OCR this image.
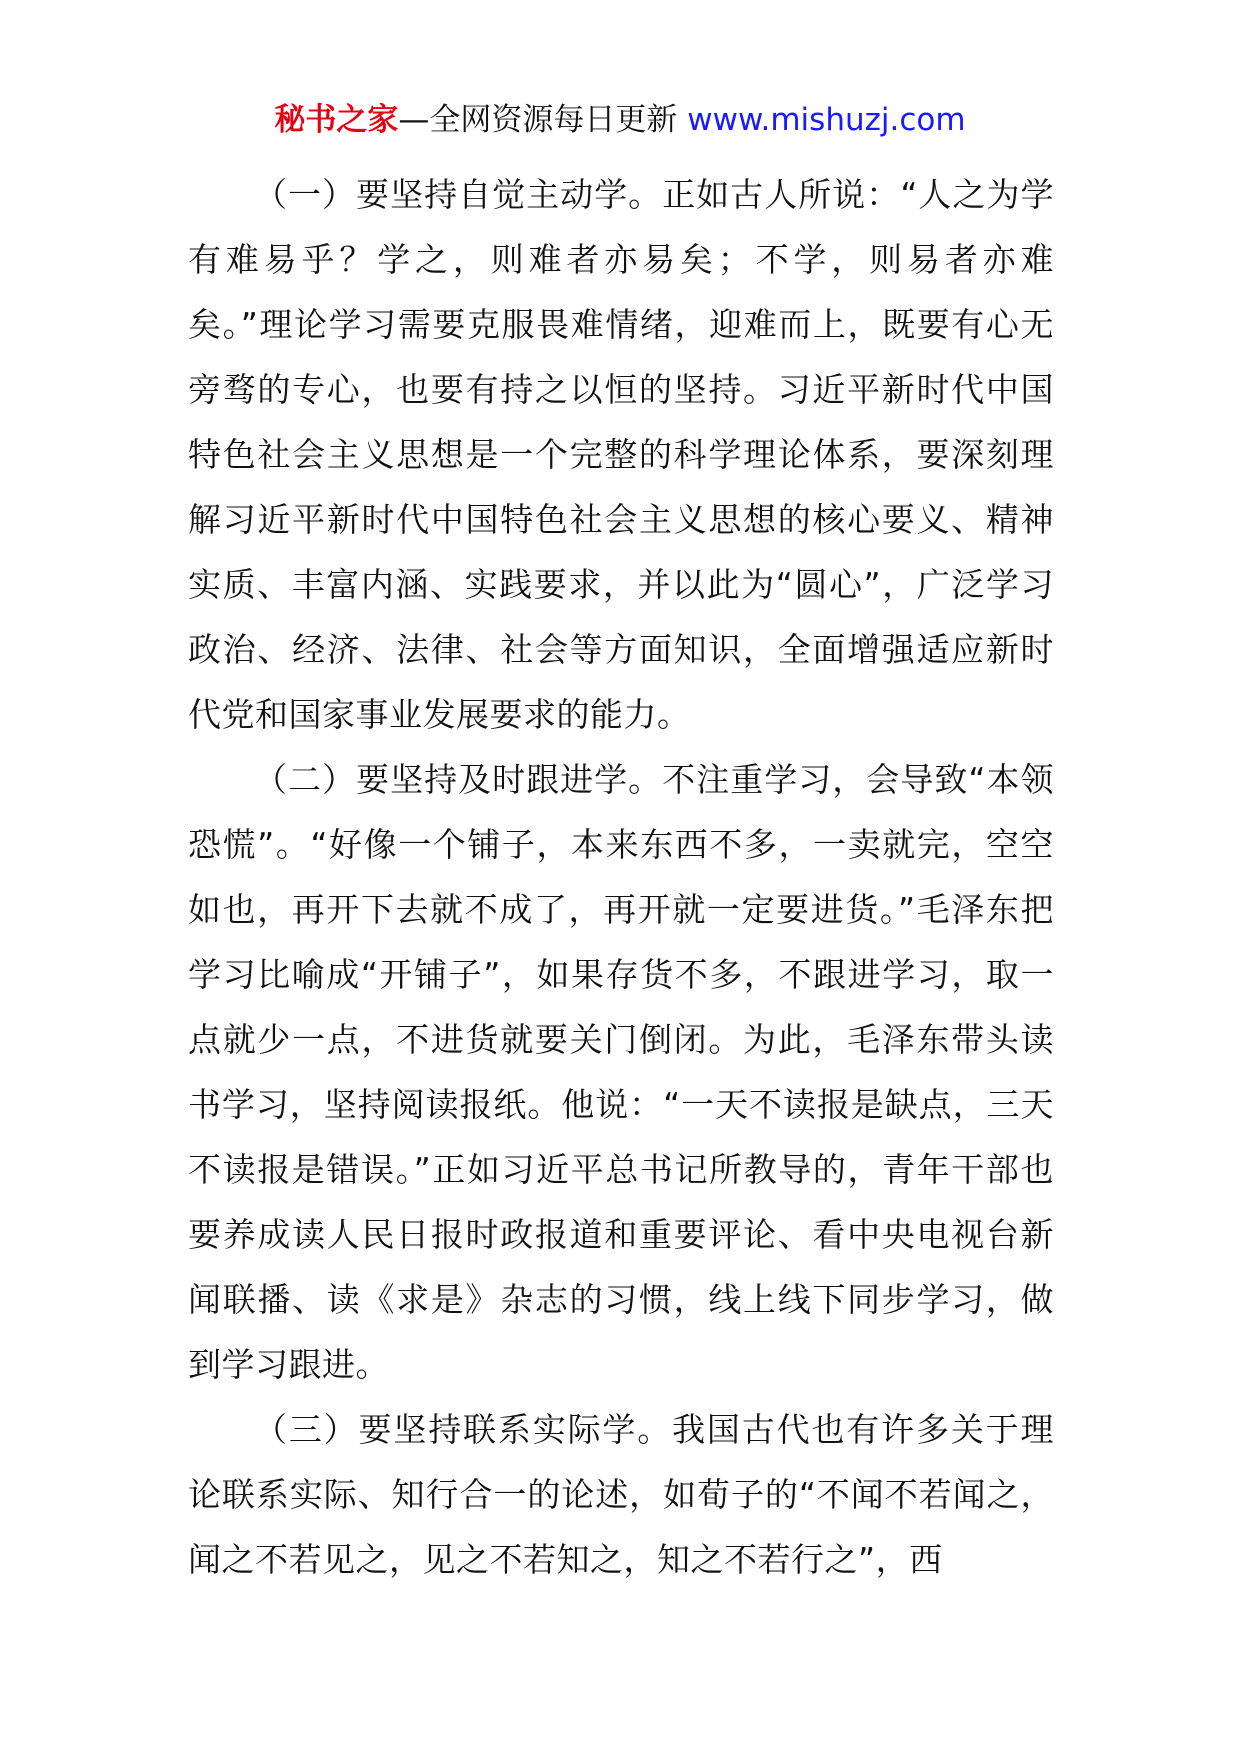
秘书之家—全网资源每日更新 www.mishuzj.com

（一）要坚持自觉主动学。正如古人所说：“人之为学有难易乎？学之，则难者亦易矣；不学，则易者亦难矣。”理论学习需要克服畏难情绪，迎难而上，既要有心无旁骛的专心，也要有持之以恒的坚持。习近平新时代中国特色社会主义思想是一个完整的科学理论体系，要深刻理解习近平新时代中国特色社会主义思想的核心要义、精神实质、丰富内涵、实践要求，并以此为“圆心”，广泛学习政治、经济、法律、社会等方面知识，全面增强适应新时代党和国家事业发展要求的能力。

（二）要坚持及时跟进学。不注重学习，会导致“本领恐慌”。“好像一个铺子，本来东西不多，一卖就完，空空如也，再开下去就不成了，再开就一定要进货。”毛泽东把学习比喻成“开铺子”，如果存货不多，不跟进学习，取一点就少一点，不进货就要关门倒闭。为此，毛泽东带头读书学习，坚持阅读报纸。他说：“一天不读报是缺点，三天不读报是错误。”正如习近平总书记所教导的，青年干部也要养成读人民日报时政报道和重要评论、看中央电视台新闻联播、读《求是》杂志的习惯，线上线下同步学习，做到学习跟进。

（三）要坚持联系实际学。我国古代也有许多关于理论联系实际、知行合一的论述，如荀子的“不闻不若闻之，闻之不若见之，见之不若知之，知之不若行之”，西
